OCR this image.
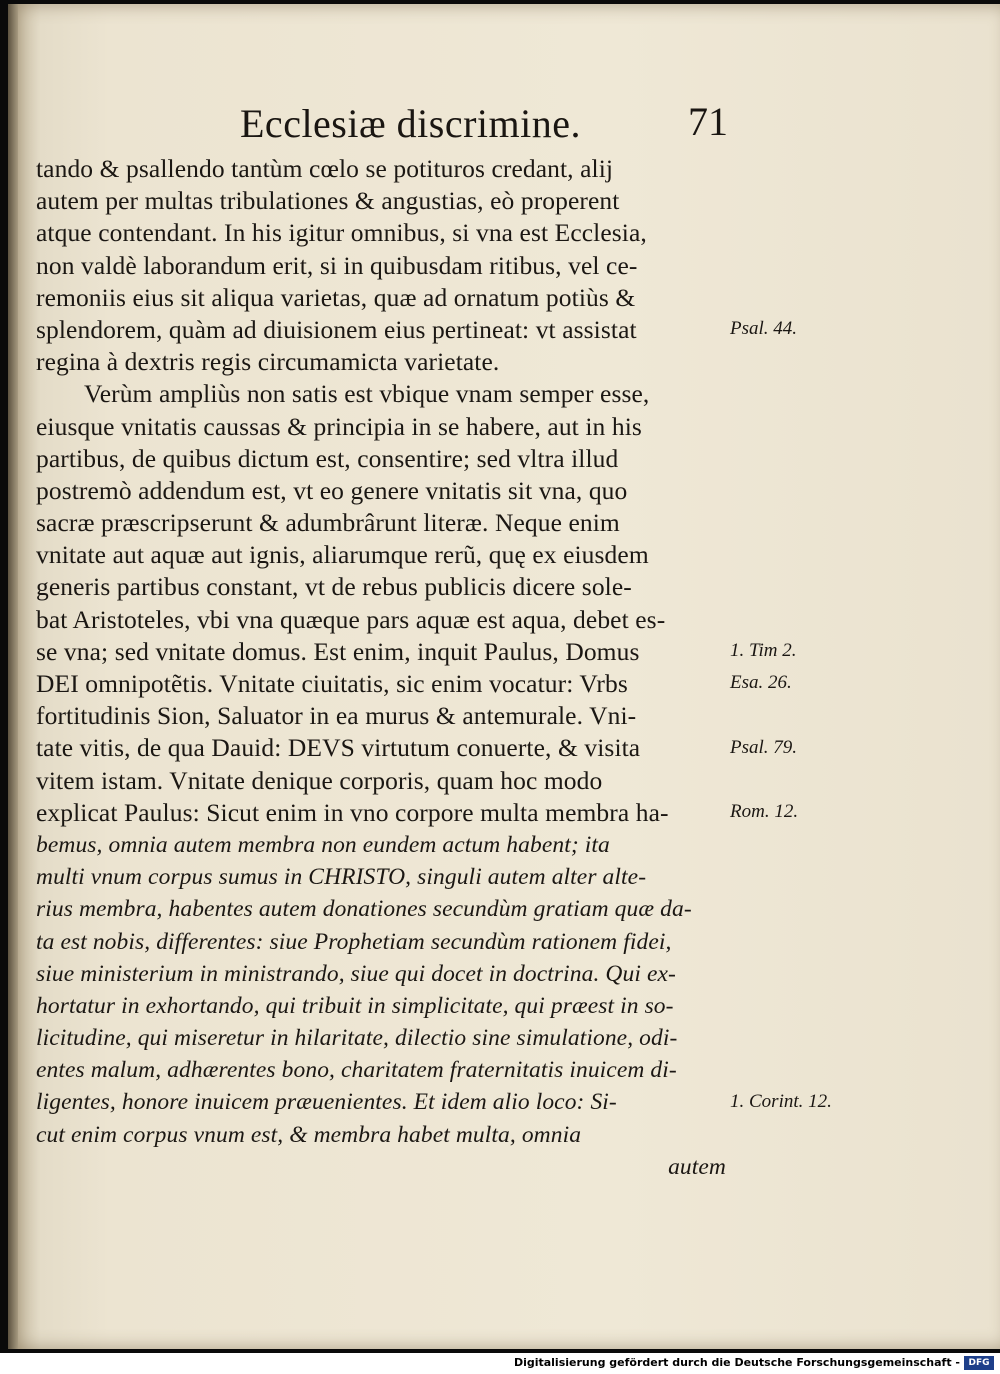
Ecclesiæ discrimine.	71
tando & psallendo tantùm cœlo se potituros credant, alij
autem per multas tribulationes & angustias, eò properent
atque contendant. In his igitur omnibus, si vna est Ecclesia,
non valdè laborandum erit, si in quibusdam ritibus, vel ce-
remoniis eius sit aliqua varietas, quæ ad ornatum potiùs &
splendorem, quàm ad diuisionem eius pertineat: vt assistat
regina à dextris regis circumamicta varietate.
Verùm ampliùs non satis est vbique vnam semper esse,
eiusque vnitatis caussas & principia in se habere, aut in his
partibus, de quibus dictum est, consentire; sed vltra illud
postremò addendum est, vt eo genere vnitatis sit vna, quo
sacræ præscripserunt & adumbrârunt literæ. Neque enim
vnitate aut aquæ aut ignis, aliarumque rerũ, quę ex eiusdem
generis partibus constant, vt de rebus publicis dicere sole-
bat Aristoteles, vbi vna quæque pars aquæ est aqua, debet es-
se vna; sed vnitate domus. Est enim, inquit Paulus, Domus
DEI omnipotẽtis. Vnitate ciuitatis, sic enim vocatur: Vrbs
fortitudinis Sion, Saluator in ea murus & antemurale. Vni-
tate vitis, de qua Dauid: DEVS virtutum conuerte, & visita
vitem istam. Vnitate denique corporis, quam hoc modo
explicat Paulus: Sicut enim in vno corpore multa membra ha-
bemus, omnia autem membra non eundem actum habent; ita
multi vnum corpus sumus in CHRISTO, singuli autem alter alte-
rius membra, habentes autem donationes secundùm gratiam quæ da-
ta est nobis, differentes: siue Prophetiam secundùm rationem fidei,
siue ministerium in ministrando, siue qui docet in doctrina. Qui ex-
hortatur in exhortando, qui tribuit in simplicitate, qui præest in so-
licitudine, qui miseretur in hilaritate, dilectio sine simulatione, odi-
entes malum, adhærentes bono, charitatem fraternitatis inuicem di-
ligentes, honore inuicem præuenientes. Et idem alio loco: Si-
cut enim corpus vnum est, & membra habet multa, omnia
autem
Psal. 44.
1. Tim 2.
Esa. 26.
Psal. 79.
Rom. 12.
1. Corint. 12.
Digitalisierung gefördert durch die Deutsche Forschungsgemeinschaft - DFG
